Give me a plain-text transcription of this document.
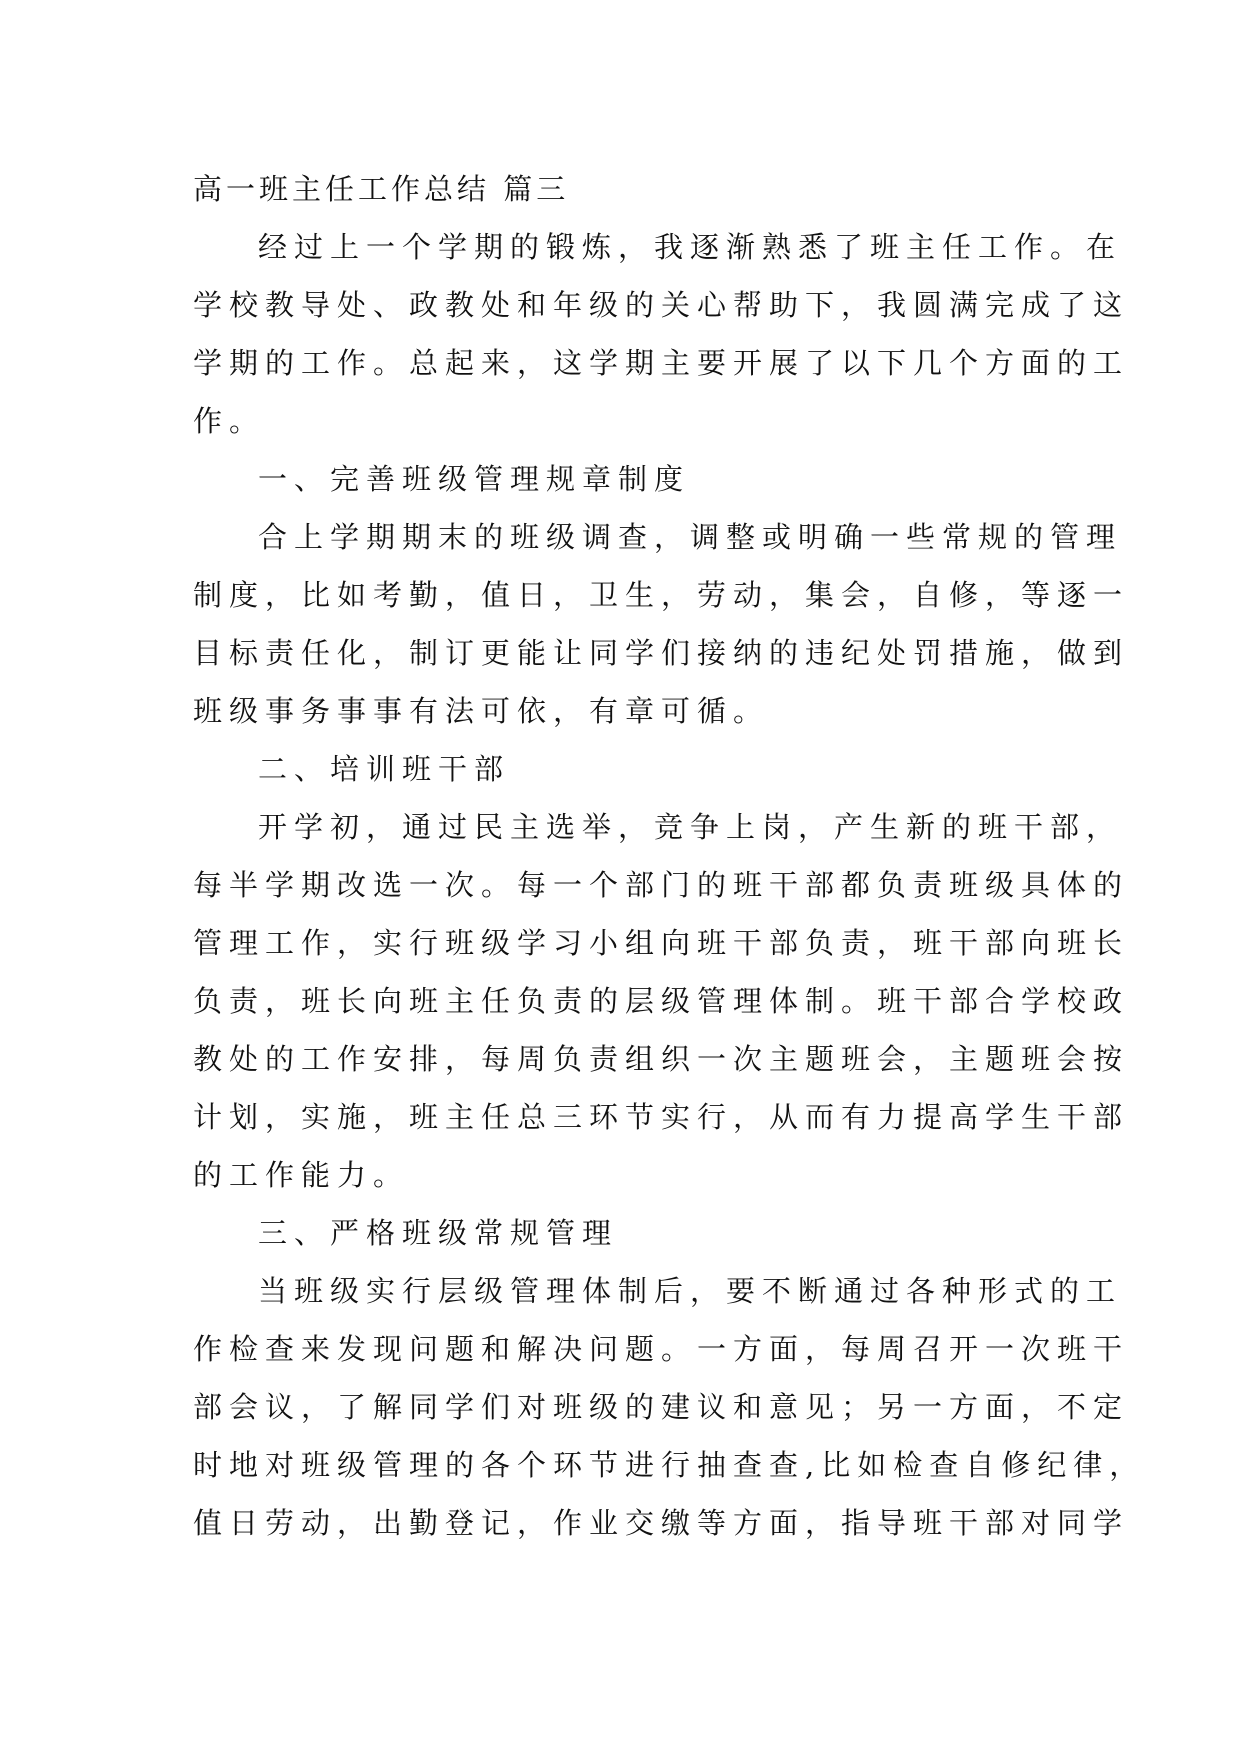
高一班主任工作总结 篇三
经过上一个学期的锻炼，我逐渐熟悉了班主任工作。在
学校教导处、政教处和年级的关心帮助下，我圆满完成了这
学期的工作。总起来，这学期主要开展了以下几个方面的工
作。
一、完善班级管理规章制度
合上学期期末的班级调查，调整或明确一些常规的管理
制度，比如考勤，值日，卫生，劳动，集会，自修，等逐一
目标责任化，制订更能让同学们接纳的违纪处罚措施，做到
班级事务事事有法可依，有章可循。
二、培训班干部
开学初，通过民主选举，竞争上岗，产生新的班干部，
每半学期改选一次。每一个部门的班干部都负责班级具体的
管理工作，实行班级学习小组向班干部负责，班干部向班长
负责，班长向班主任负责的层级管理体制。班干部合学校政
教处的工作安排，每周负责组织一次主题班会，主题班会按
计划，实施，班主任总三环节实行，从而有力提高学生干部
的工作能力。
三、严格班级常规管理
当班级实行层级管理体制后，要不断通过各种形式的工
作检查来发现问题和解决问题。一方面，每周召开一次班干
部会议，了解同学们对班级的建议和意见；另一方面，不定
时地对班级管理的各个环节进行抽查查,比如检查自修纪律，
值日劳动，出勤登记，作业交缴等方面，指导班干部对同学
